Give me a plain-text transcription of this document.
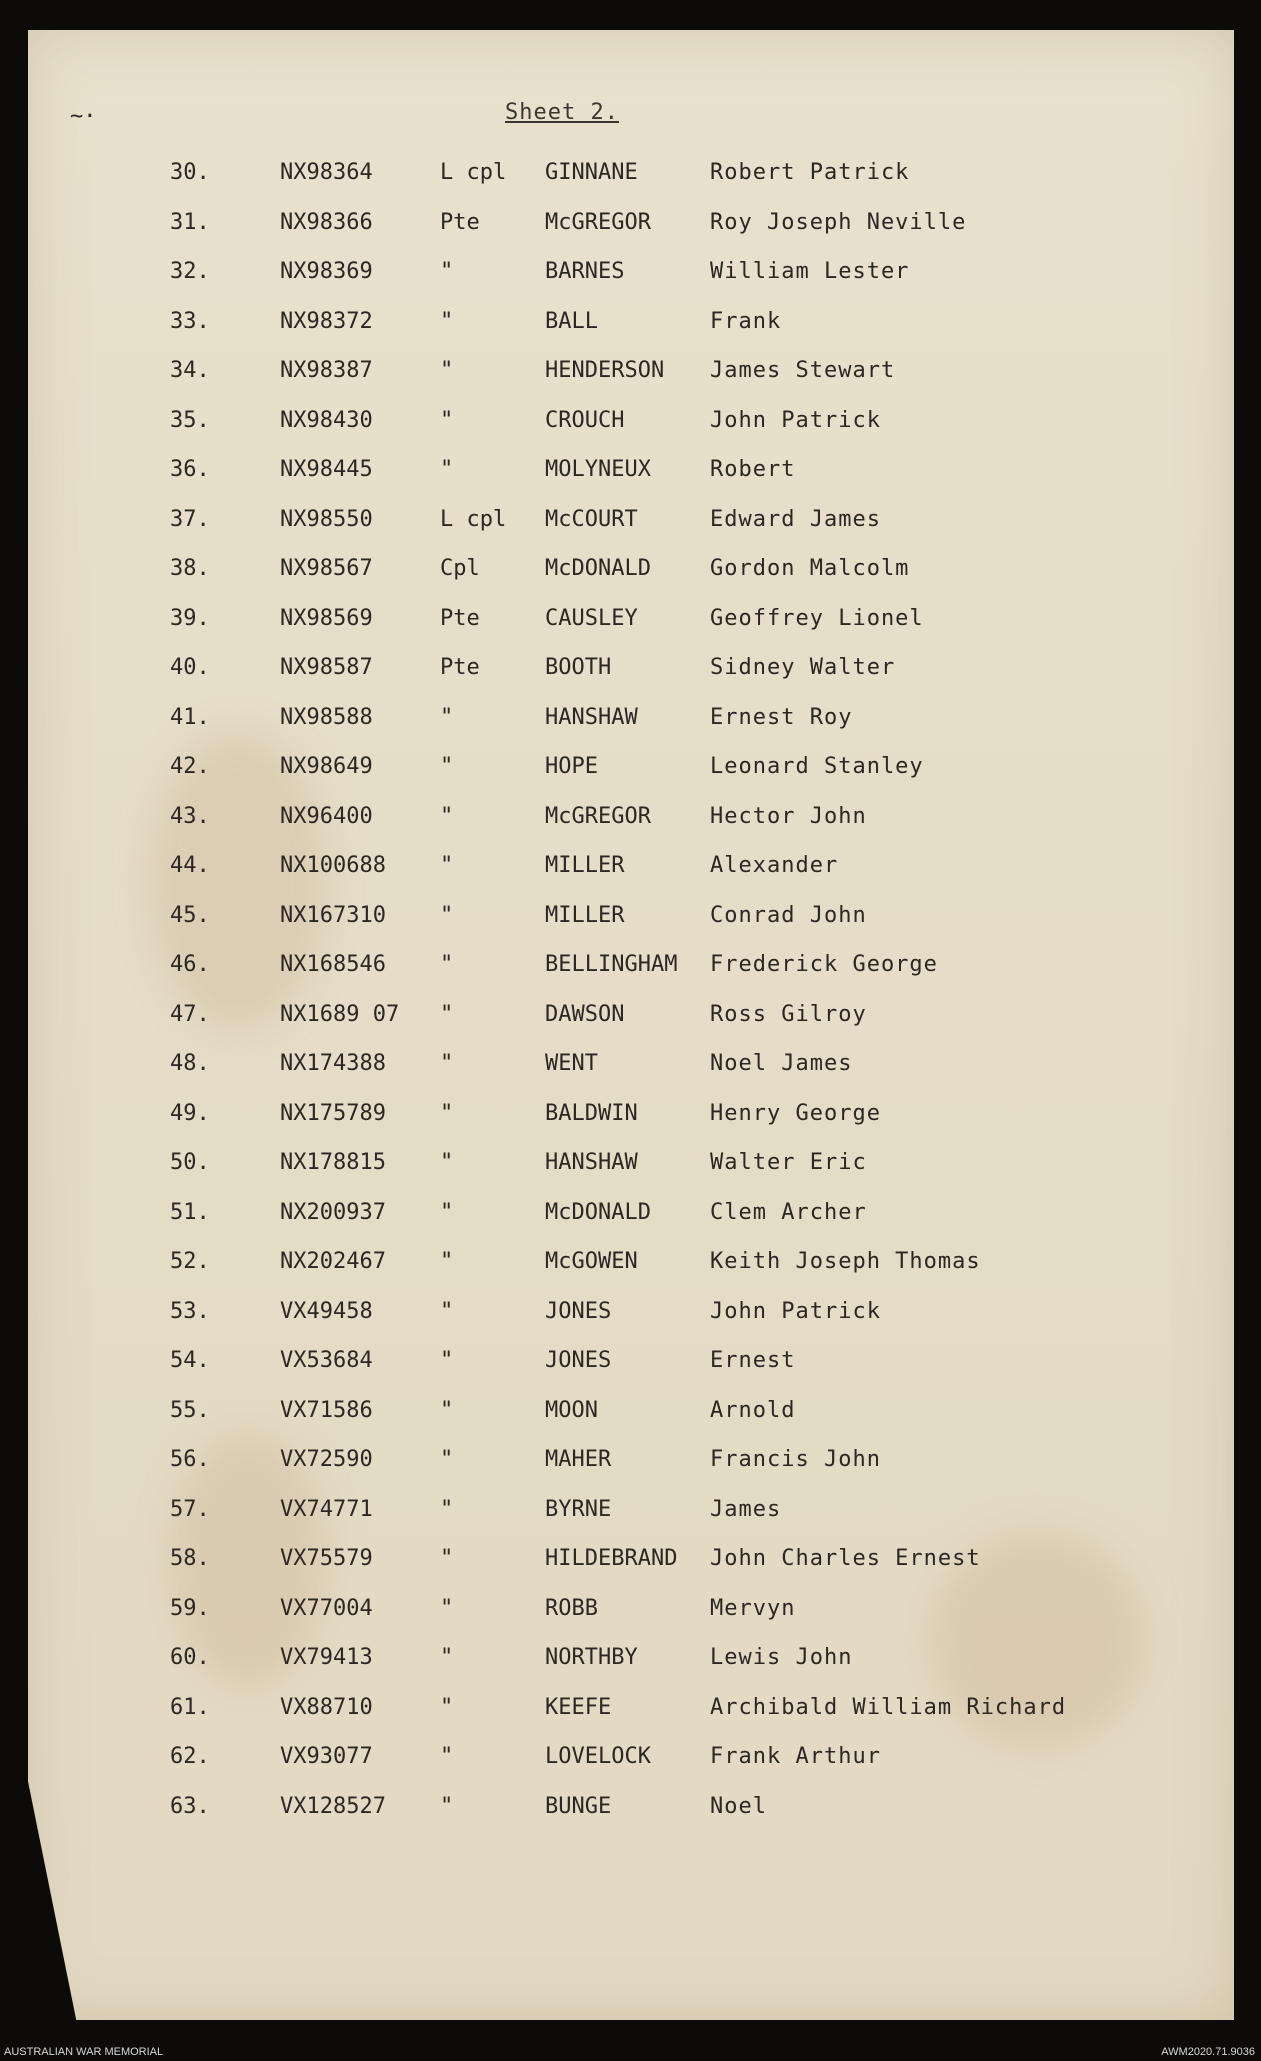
~·	Sheet 2.
30.	NX98364	L cpl GINNANE	Robert Patrick
31.	NX98366	Pte	McGREGOR	Roy Joseph Neville
32.	NX98369	"	BARNES	William Lester
33.	NX98372	"	BALL	Frank
34.	NX98387	"	HENDERSON James Stewart
35.	NX98430	"	CROUCH	John Patrick
36.	NX98445	"	MOLYNEUX	Robert
37.	NX98550	L cpl McCOURT	Edward James
38.	NX98567	Cpl	McDONALD	Gordon Malcolm
39.	NX98569	Pte	CAUSLEY	Geoffrey Lionel
40.	NX98587	Pte	BOOTH	Sidney Walter
41.	NX98588	"	HANSHAW	Ernest Roy
42.	NX98649	"	HOPE	Leonard Stanley
43.	NX96400	"	McGREGOR	Hector John
44.	NX100688 "	MILLER	Alexander
45.	NX167310 "	MILLER	Conrad John
46.	NX168546 "	BELLINGHAM Frederick George
47.	NX1689 07 "	DAWSON	Ross Gilroy
48.	NX174388 "	WENT	Noel James
49.	NX175789 "	BALDWIN	Henry George
50.	NX178815 "	HANSHAW	Walter Eric
51.	NX200937 "	McDONALD	Clem Archer
52.	NX202467 "	McGOWEN	Keith Joseph Thomas
53.	VX49458	"	JONES	John Patrick
54.	VX53684	"	JONES	Ernest
55.	VX71586	"	MOON	Arnold
56.	VX72590	"	MAHER	Francis John
57.	VX74771	"	BYRNE	James
58.	VX75579	"	HILDEBRAND John Charles Ernest
59.	VX77004	"	ROBB	Mervyn
60.	VX79413	"	NORTHBY	Lewis John
61.	VX88710	"	KEEFE	Archibald William Richard
62.	VX93077	"	LOVELOCK	Frank Arthur
63.	VX128527 "	BUNGE	Noel
AUSTRALIAN WAR MEMORIAL	AWM2020.71.9036
